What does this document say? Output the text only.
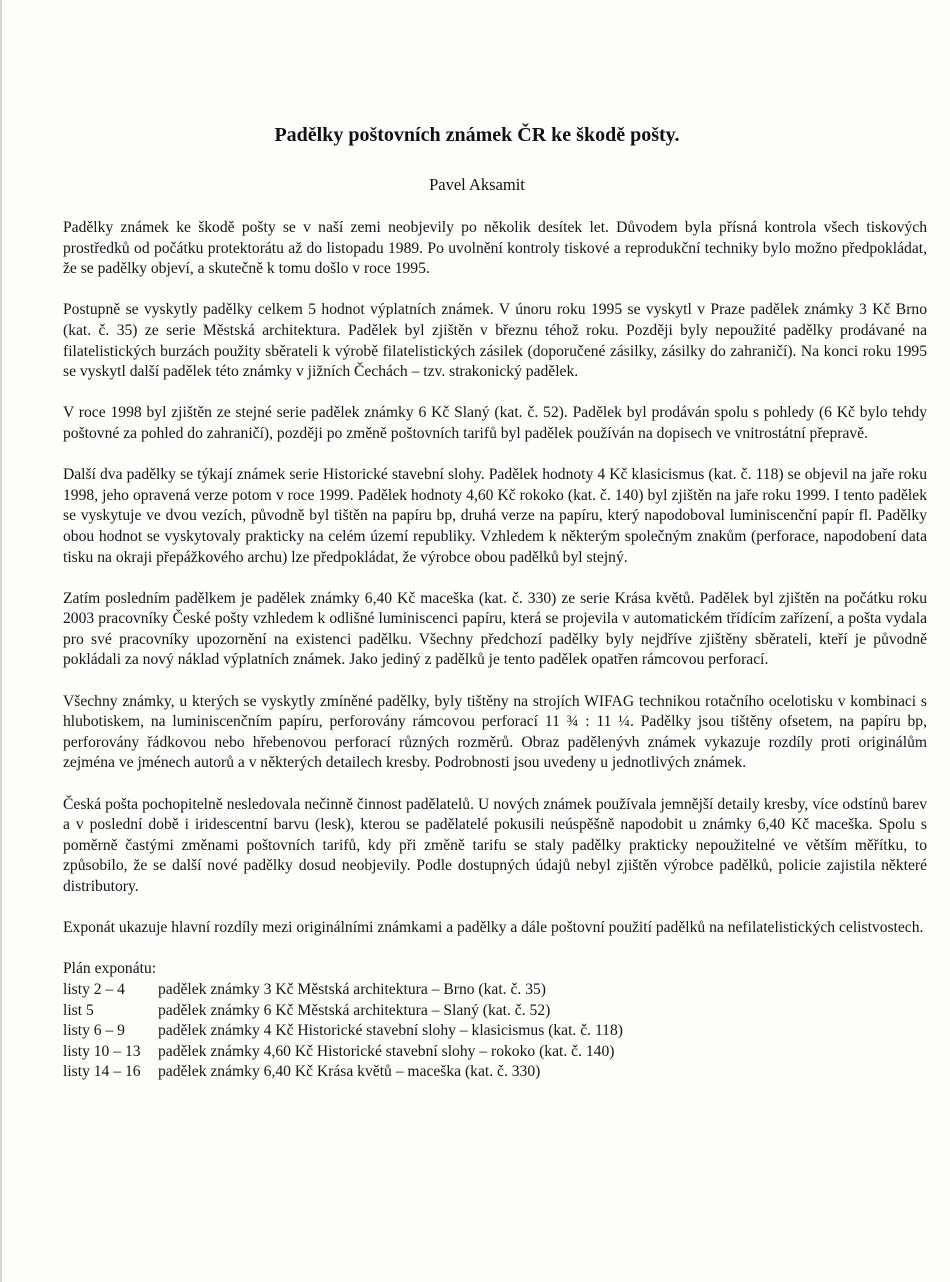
Padělky poštovních známek ČR ke škodě pošty.
Pavel Aksamit

Padělky známek ke škodě pošty se v naší zemi neobjevily po několik desítek let. Důvodem byla přísná kontrola všech tiskových prostředků od počátku protektorátu až do listopadu 1989. Po uvolnění kontroly tiskové a reprodukční techniky bylo možno předpokládat, že se padělky objeví, a skutečně k tomu došlo v roce 1995.

Postupně se vyskytly padělky celkem 5 hodnot výplatních známek. V únoru roku 1995 se vyskytl v Praze padělek známky 3 Kč Brno (kat. č. 35) ze serie Městská architektura. Padělek byl zjištěn v březnu téhož roku. Později byly nepoužité padělky prodávané na filatelistických burzách použity sběrateli k výrobě filatelistických zásilek (doporučené zásilky, zásilky do zahraničí). Na konci roku 1995 se vyskytl další padělek této známky v jižních Čechách – tzv. strakonický padělek.

V roce 1998 byl zjištěn ze stejné serie padělek známky 6 Kč Slaný (kat. č. 52). Padělek byl prodáván spolu s pohledy (6 Kč bylo tehdy poštovné za pohled do zahraničí), později po změně poštovních tarifů byl padělek používán na dopisech ve vnitrostátní přepravě.

Další dva padělky se týkají známek serie Historické stavební slohy. Padělek hodnoty 4 Kč klasicismus (kat. č. 118) se objevil na jaře roku 1998, jeho opravená verze potom v roce 1999. Padělek hodnoty 4,60 Kč rokoko (kat. č. 140) byl zjištěn na jaře roku 1999. I tento padělek se vyskytuje ve dvou vezích, původně byl tištěn na papíru bp, druhá verze na papíru, který napodoboval luminiscenční papír fl. Padělky obou hodnot se vyskytovaly prakticky na celém území republiky. Vzhledem k některým společným znakům (perforace, napodobení data tisku na okraji přepážkového archu) lze předpokládat, že výrobce obou padělků byl stejný.

Zatím posledním padělkem je padělek známky 6,40 Kč maceška (kat. č. 330) ze serie Krása květů. Padělek byl zjištěn na počátku roku 2003 pracovníky České pošty vzhledem k odlišné luminiscenci papíru, která se projevila v automatickém třídícím zařízení, a pošta vydala pro své pracovníky upozornění na existenci padělku. Všechny předchozí padělky byly nejdříve zjištěny sběrateli, kteří je původně pokládali za nový náklad výplatních známek. Jako jediný z padělků je tento padělek opatřen rámcovou perforací.

Všechny známky, u kterých se vyskytly zmíněné padělky, byly tištěny na strojích WIFAG technikou rotačního ocelotisku v kombinaci s hlubotiskem, na luminiscenčním papíru, perforovány rámcovou perforací 11 ¾ : 11 ¼. Padělky jsou tištěny ofsetem, na papíru bp, perforovány řádkovou nebo hřebenovou perforací různých rozměrů. Obraz padělenývh známek vykazuje rozdíly proti originálům zejména ve jménech autorů a v některých detailech kresby. Podrobnosti jsou uvedeny u jednotlivých známek.

Česká pošta pochopitelně nesledovala nečinně činnost padělatelů. U nových známek používala jemnější detaily kresby, více odstínů barev a v poslední době i iridescentní barvu (lesk), kterou se padělatelé pokusili neúspěšně napodobit u známky 6,40 Kč maceška. Spolu s poměrně častými změnami poštovních tarifů, kdy při změně tarifu se staly padělky prakticky nepoužitelné ve větším měřítku, to způsobilo, že se další nové padělky dosud neobjevily. Podle dostupných údajů nebyl zjištěn výrobce padělků, policie zajistila některé distributory.

Exponát ukazuje hlavní rozdíly mezi originálními známkami a padělky a dále poštovní použití padělků na nefilatelistických celistvostech.

Plán exponátu:

listy 2 – 4	padělek známky 3 Kč Městská architektura – Brno (kat. č. 35)
list 5	padělek známky 6 Kč Městská architektura – Slaný (kat. č. 52)
listy 6 – 9	padělek známky 4 Kč Historické stavební slohy – klasicismus (kat. č. 118)
listy 10 – 13	padělek známky 4,60 Kč Historické stavební slohy – rokoko (kat. č. 140)
listy 14 – 16	padělek známky 6,40 Kč Krása květů – maceška (kat. č. 330)
